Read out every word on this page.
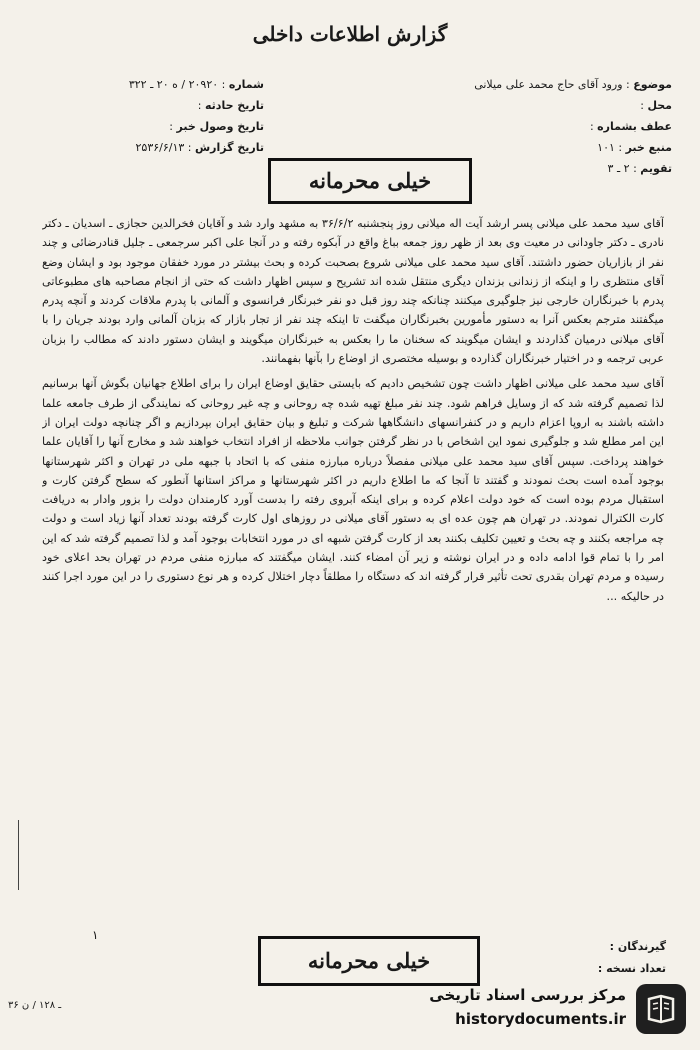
گزارش اطلاعات داخلی
موضوع : ورود آقای حاج محمد علی میلانی
محل :
عطف بشماره :
منبع خبر : ۱۰۱
تقویم : ۲ ـ ۳
شماره : ۲۰۹۲۰ / ه ۲۰ ـ ۳۲۲
تاریخ حادثه :
تاریخ وصول خبر :
تاریخ گزارش : ۲۵۳۶/۶/۱۳
خیلی محرمانه

آقای سید محمد علی میلانی پسر ارشد آیت اله میلانی روز پنجشنبه ۳۶/۶/۲ به مشهد وارد شد و آقایان فخرالدین حجازی ـ اسدیان ـ دکتر نادری ـ دکتر جاودانی در معیت وی بعد از ظهر روز جمعه بباغ واقع در آبکوه رفته و در آنجا علی اکبر سرجمعی ـ جلیل قنادرضائی و چند نفر از بازاریان حضور داشتند. آقای سید محمد علی میلانی شروع بصحبت کرده و بحث بیشتر در مورد خفقان موجود بود و ایشان وضع آقای منتظری را و اینکه از زندانی بزندان دیگری منتقل شده اند تشریح و سپس اظهار داشت که حتی از انجام مصاحبه های مطبوعاتی پدرم با خبرنگاران خارجی نیز جلوگیری میکنند چنانکه چند روز قبل دو نفر خبرنگار فرانسوی و آلمانی با پدرم ملاقات کردند و آنچه پدرم میگفتند مترجم بعکس آنرا به دستور مأمورین بخبرنگاران میگفت تا اینکه چند نفر از تجار بازار که بزبان آلمانی وارد بودند جریان را با آقای میلانی درمیان گذاردند و ایشان میگویند که سخنان ما را بعکس به خبرنگاران میگویند و ایشان دستور دادند که مطالب را بزبان عربی ترجمه و در اختیار خبرنگاران گذارده و بوسیله مختصری از اوضاع را بآنها بفهمانند.

آقای سید محمد علی میلانی اظهار داشت چون تشخیص دادیم که بایستی حقایق اوضاع ایران را برای اطلاع جهانیان بگوش آنها برسانیم لذا تصمیم گرفته شد که از وسایل فراهم شود. چند نفر مبلغ تهیه شده چه روحانی و چه غیر روحانی که نمایندگی از طرف جامعه علما داشته باشند به اروپا اعزام داریم و در کنفرانسهای دانشگاهها شرکت و تبلیغ و بیان حقایق ایران بپردازیم و اگر چنانچه دولت ایران از این امر مطلع شد و جلوگیری نمود این اشخاص با در نظر گرفتن جوانب ملاحظه از افراد انتخاب خواهند شد و مخارج آنها را آقایان علما خواهند پرداخت. سپس آقای سید محمد علی میلانی مفصلاً درباره مبارزه منفی که با اتحاد با جبهه ملی در تهران و اکثر شهرستانها بوجود آمده است بحث نمودند و گفتند تا آنجا که ما اطلاع داریم در اکثر شهرستانها و مراکز استانها آنطور که سطح گرفتن کارت و استقبال مردم بوده است که خود دولت اعلام کرده و برای اینکه آبروی رفته را بدست آورد کارمندان دولت را بزور وادار به دریافت کارت الکترال نمودند. در تهران هم چون عده ای به دستور آقای میلانی در روزهای اول کارت گرفته بودند تعداد آنها زیاد است و دولت چه مراجعه بکنند و چه بحث و تعیین تکلیف بکنند بعد از کارت گرفتن شبهه ای در مورد انتخابات بوجود آمد و لذا تصمیم گرفته شد که این امر را با تمام قوا ادامه داده و در ایران نوشته و زیر آن امضاء کنند. ایشان میگفتند که مبارزه منفی مردم در تهران بحد اعلای خود رسیده و مردم تهران بقدری تحت تأثیر قرار گرفته اند که دستگاه را مطلقاً دچار اختلال کرده و هر نوع دستوری را در این مورد اجرا کنند در حالیکه ...

۱
گیرندگان :
تعداد نسخه :
خیلی محرمانه
۳۶ ـ ۱۲۸ / ن
مرکز بررسی اسناد تاریخی
historydocuments.ir
